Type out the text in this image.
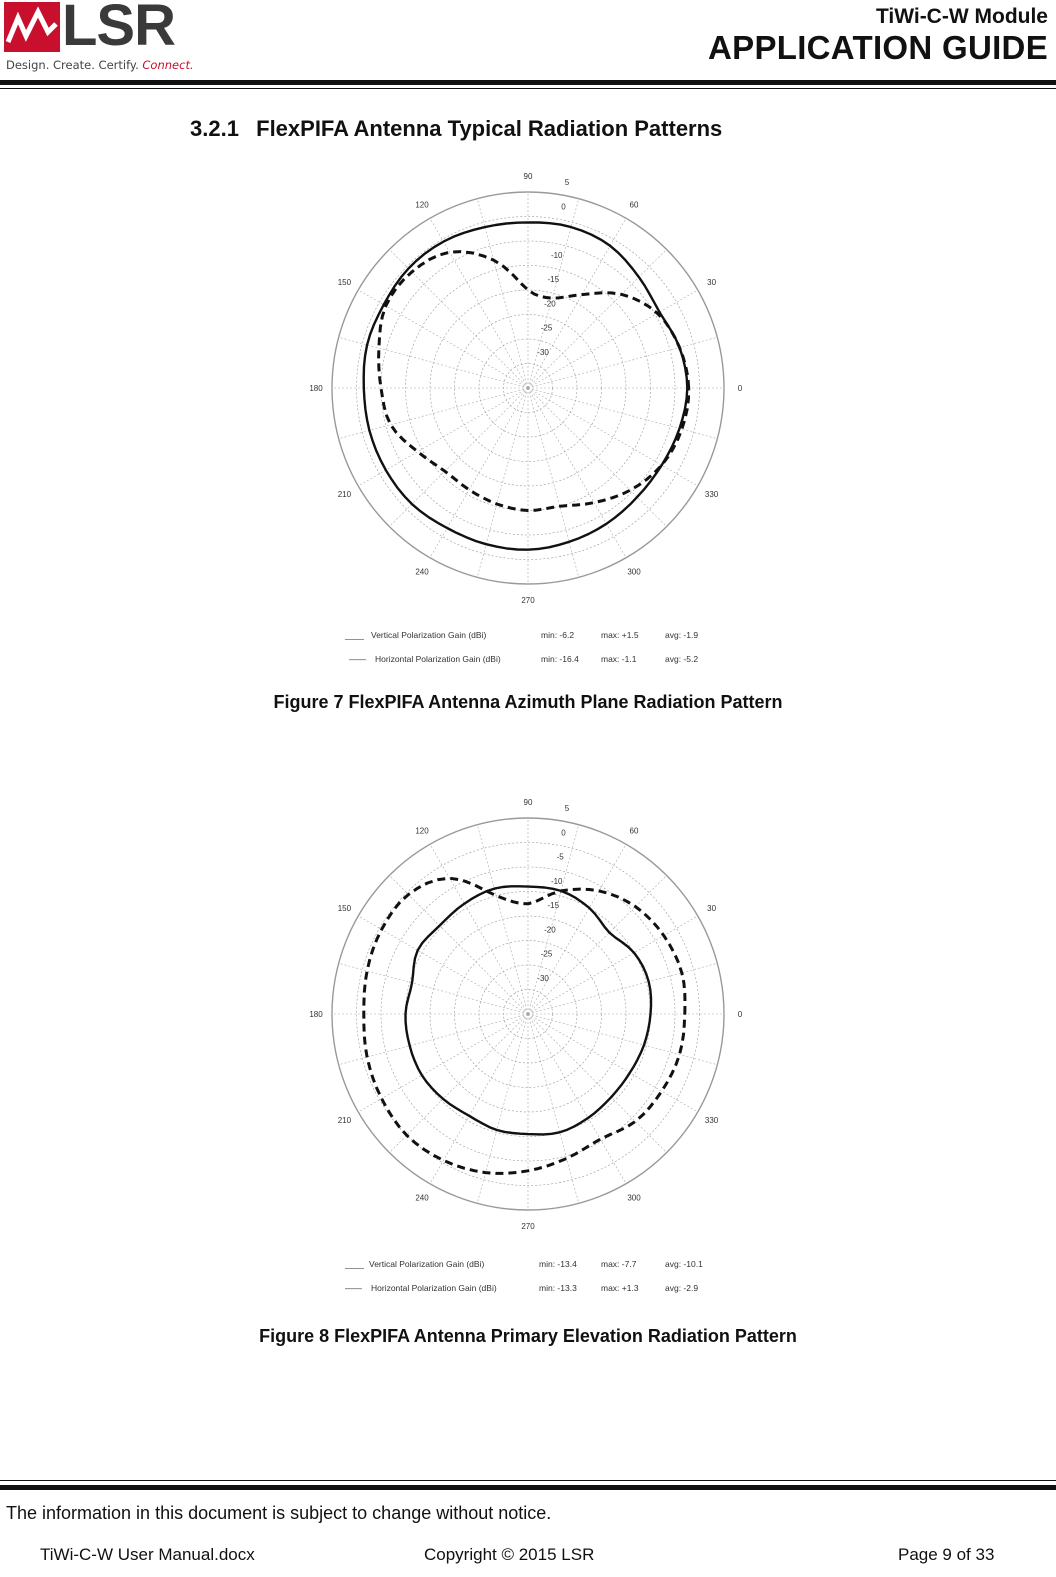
LSR
Design. Create. Certify. Connect.
TiWi-C-W Module
APPLICATION GUIDE
3.2.1 FlexPIFA Antenna Typical Radiation Patterns
0
30
60
90
120
150
180
210
240
270
300
330
5
0
-10
-15
-20
-25
-30
____ Vertical Polarization Gain (dBi)	min: -6.2	max: +1.5	avg: -1.9
—— Horizontal Polarization Gain (dBi)	min: -16.4	max: -1.1	avg: -5.2
Figure 7 FlexPIFA Antenna Azimuth Plane Radiation Pattern
0
30
60
90
120
150
180
210
240
270
300
330
5
0
-5
-10
-15
-20
-25
-30
____ Vertical Polarization Gain (dBi)	min: -13.4	max: -7.7	avg: -10.1
—— Horizontal Polarization Gain (dBi)	min: -13.3	max: +1.3	avg: -2.9
Figure 8 FlexPIFA Antenna Primary Elevation Radiation Pattern
The information in this document is subject to change without notice.
TiWi-C-W User Manual.docx	Copyright © 2015 LSR	Page 9 of 33
